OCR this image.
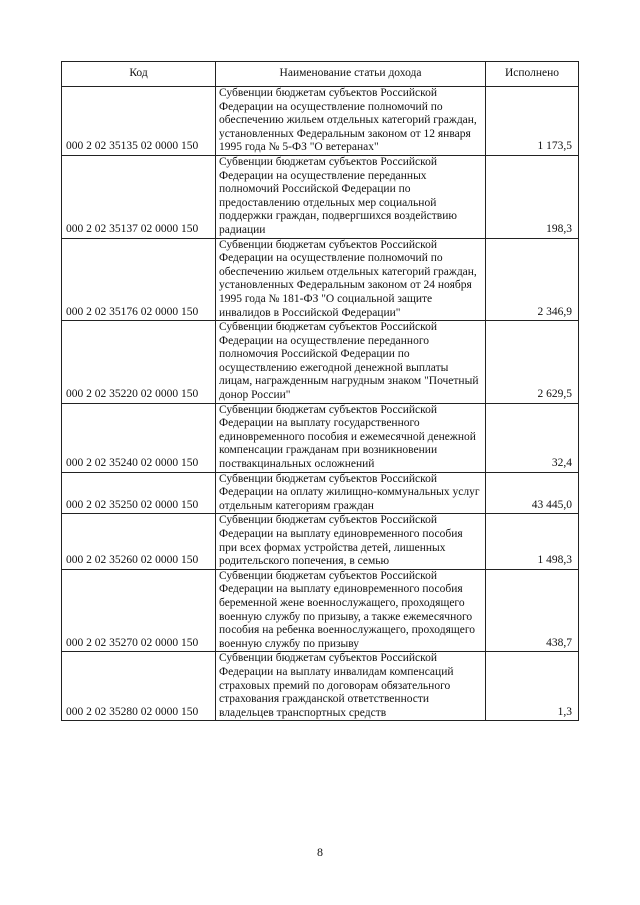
Код	Наименование статьи дохода	Исполнено
000 2 02 35135 02 0000 150	Субвенции бюджетам субъектов Российской Федерации на осуществление полномочий по обеспечению жильем отдельных категорий граждан, установленных Федеральным законом от 12 января 1995 года № 5-ФЗ "О ветеранах"	1 173,5
000 2 02 35137 02 0000 150	Субвенции бюджетам субъектов Российской Федерации на осуществление переданных полномочий Российской Федерации по предоставлению отдельных мер социальной поддержки граждан, подвергшихся воздействию радиации	198,3
000 2 02 35176 02 0000 150	Субвенции бюджетам субъектов Российской Федерации на осуществление полномочий по обеспечению жильем отдельных категорий граждан, установленных Федеральным законом от 24 ноября 1995 года № 181-ФЗ "О социальной защите инвалидов в Российской Федерации"	2 346,9
000 2 02 35220 02 0000 150	Субвенции бюджетам субъектов Российской Федерации на осуществление переданного полномочия Российской Федерации по осуществлению ежегодной денежной выплаты лицам, награжденным нагрудным знаком "Почетный донор России"	2 629,5
000 2 02 35240 02 0000 150	Субвенции бюджетам субъектов Российской Федерации на выплату государственного единовременного пособия и ежемесячной денежной компенсации гражданам при возникновении поствакцинальных осложнений	32,4
000 2 02 35250 02 0000 150	Субвенции бюджетам субъектов Российской Федерации на оплату жилищно-коммунальных услуг отдельным категориям граждан	43 445,0
000 2 02 35260 02 0000 150	Субвенции бюджетам субъектов Российской Федерации на выплату единовременного пособия при всех формах устройства детей, лишенных родительского попечения, в семью	1 498,3
000 2 02 35270 02 0000 150	Субвенции бюджетам субъектов Российской Федерации на выплату единовременного пособия беременной жене военнослужащего, проходящего военную службу по призыву, а также ежемесячного пособия на ребенка военнослужащего, проходящего военную службу по призыву	438,7
000 2 02 35280 02 0000 150	Субвенции бюджетам субъектов Российской Федерации на выплату инвалидам компенсаций страховых премий по договорам обязательного страхования гражданской ответственности владельцев транспортных средств	1,3
8
